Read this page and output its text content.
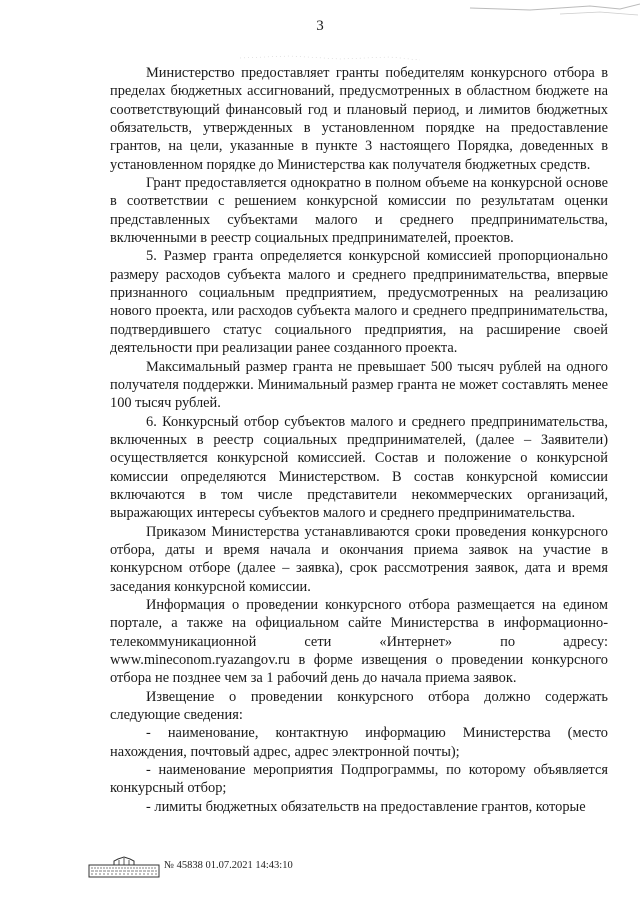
3

Министерство предоставляет гранты победителям конкурсного отбора в пределах бюджетных ассигнований, предусмотренных в областном бюджете на соответствующий финансовый год и плановый период, и лимитов бюджетных обязательств, утвержденных в установленном порядке на предоставление грантов, на цели, указанные в пункте 3 настоящего Порядка, доведенных в установленном порядке до Министерства как получателя бюджетных средств.

Грант предоставляется однократно в полном объеме на конкурсной основе в соответствии с решением конкурсной комиссии по результатам оценки представленных субъектами малого и среднего предпринимательства, включенными в реестр социальных предпринимателей, проектов.

5. Размер гранта определяется конкурсной комиссией пропорционально размеру расходов субъекта малого и среднего предпринимательства, впервые признанного социальным предприятием, предусмотренных на реализацию нового проекта, или расходов субъекта малого и среднего предпринимательства, подтвердившего статус социального предприятия, на расширение своей деятельности при реализации ранее созданного проекта.

Максимальный размер гранта не превышает 500 тысяч рублей на одного получателя поддержки. Минимальный размер гранта не может составлять менее 100 тысяч рублей.

6. Конкурсный отбор субъектов малого и среднего предпринимательства, включенных в реестр социальных предпринимателей, (далее – Заявители) осуществляется конкурсной комиссией. Состав и положение о конкурсной комиссии определяются Министерством. В состав конкурсной комиссии включаются в том числе представители некоммерческих организаций, выражающих интересы субъектов малого и среднего предпринимательства.

Приказом Министерства устанавливаются сроки проведения конкурсного отбора, даты и время начала и окончания приема заявок на участие в конкурсном отборе (далее – заявка), срок рассмотрения заявок, дата и время заседания конкурсной комиссии.

Информация о проведении конкурсного отбора размещается на едином портале, а также на официальном сайте Министерства в информационно-телекоммуникационной сети «Интернет» по адресу: www.mineconom.ryazangov.ru в форме извещения о проведении конкурсного отбора не позднее чем за 1 рабочий день до начала приема заявок.

Извещение о проведении конкурсного отбора должно содержать следующие сведения:

- наименование, контактную информацию Министерства (место нахождения, почтовый адрес, адрес электронной почты);

- наименование мероприятия Подпрограммы, по которому объявляется конкурсный отбор;

- лимиты бюджетных обязательств на предоставление грантов, которые

№ 45838 01.07.2021 14:43:10
